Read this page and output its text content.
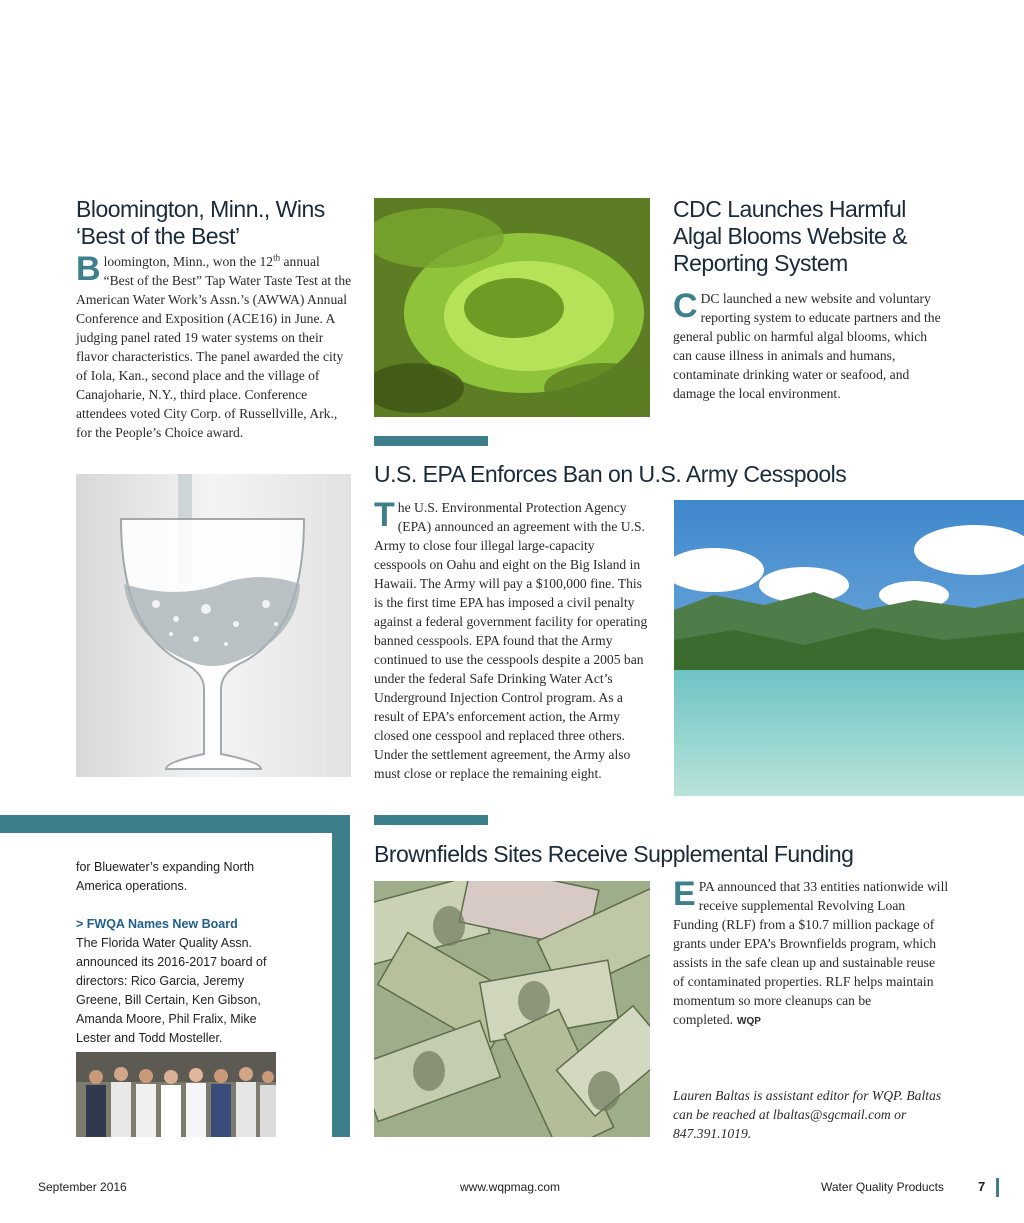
Bloomington, Minn., Wins
‘Best of the Best’
Bloomington, Minn., won the 12th annual “Best of the Best” Tap Water Taste Test at the American Water Work’s Assn.’s (AWWA) Annual Conference and Exposition (ACE16) in June. A judging panel rated 19 water systems on their flavor characteristics. The panel awarded the city of Iola, Kan., second place and the village of Canajoharie, N.Y., third place. Conference attendees voted City Corp. of Russellville, Ark., for the People’s Choice award.
CDC Launches Harmful
Algal Blooms Website &
Reporting System
CDC launched a new website and voluntary reporting system to educate partners and the general public on harmful algal blooms, which can cause illness in animals and humans, contaminate drinking water or seafood, and damage the local environment.
U.S. EPA Enforces Ban on U.S. Army Cesspools
The U.S. Environmental Protection Agency (EPA) announced an agreement with the U.S. Army to close four illegal large-capacity cesspools on Oahu and eight on the Big Island in Hawaii. The Army will pay a $100,000 fine. This is the first time EPA has imposed a civil penalty against a federal government facility for operating banned cesspools. EPA found that the Army continued to use the cesspools despite a 2005 ban under the federal Safe Drinking Water Act’s Underground Injection Control program. As a result of EPA’s enforcement action, the Army closed one cesspool and replaced three others. Under the settlement agreement, the Army also must close or replace the remaining eight.
for Bluewater’s expanding North America operations.
> FWQA Names New Board
The Florida Water Quality Assn. announced its 2016-2017 board of directors: Rico Garcia, Jeremy Greene, Bill Certain, Ken Gibson, Amanda Moore, Phil Fralix, Mike Lester and Todd Mosteller.
Brownfields Sites Receive Supplemental Funding
EPA announced that 33 entities nationwide will receive supplemental Revolving Loan Funding (RLF) from a $10.7 million package of grants under EPA’s Brownfields program, which assists in the safe clean up and sustainable reuse of contaminated properties. RLF helps maintain momentum so more cleanups can be completed. WQP
Lauren Baltas is assistant editor for WQP. Baltas can be reached at lbaltas@sgcmail.com or 847.391.1019.
September 2016	www.wqpmag.com	Water Quality Products	7
